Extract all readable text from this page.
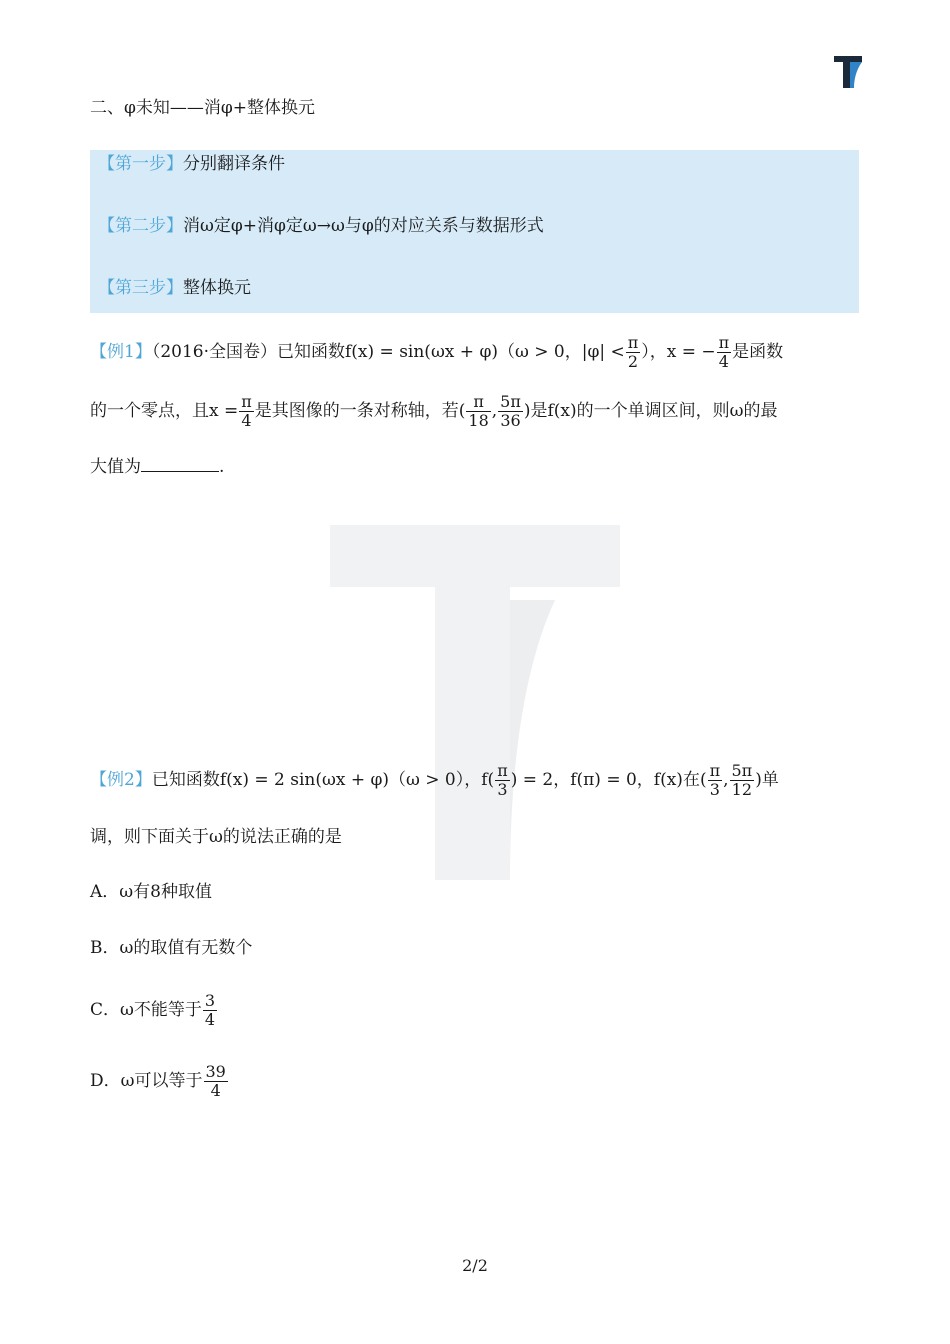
二、φ未知——消φ+整体换元
【第一步】分别翻译条件
【第二步】消ω定φ+消φ定ω→ω与φ的对应关系与数据形式
【第三步】整体换元
【例1】（2016·全国卷）已知函数f(x) = sin(ωx + φ)（ω > 0，$|\varphi| < \frac{\pi}{2}$ ），x = − $\frac{\pi}{4}$ 是函数
的一个零点，且$x = \frac{\pi}{4}$ 是其图像的一条对称轴，若( $\frac{\pi}{18}$ , $\frac{5\pi}{36}$ )是f(x)的一个单调区间，则ω的最
大值为	.
【例2】已知函数f(x) = 2 sin(ωx + φ)（ω > 0），$f( \frac{\pi}{3}$ ) = 2，f(π) = 0，f(x)在( $\frac{\pi}{3}$ , $\frac{5\pi}{12}$ )单
调，则下面关于ω的说法正确的是
A．ω有8种取值
B．ω的取值有无数个
C．ω不能等于 $\frac{3}{4}$
D．ω可以等于 $\frac{39}{4}$
2/2
